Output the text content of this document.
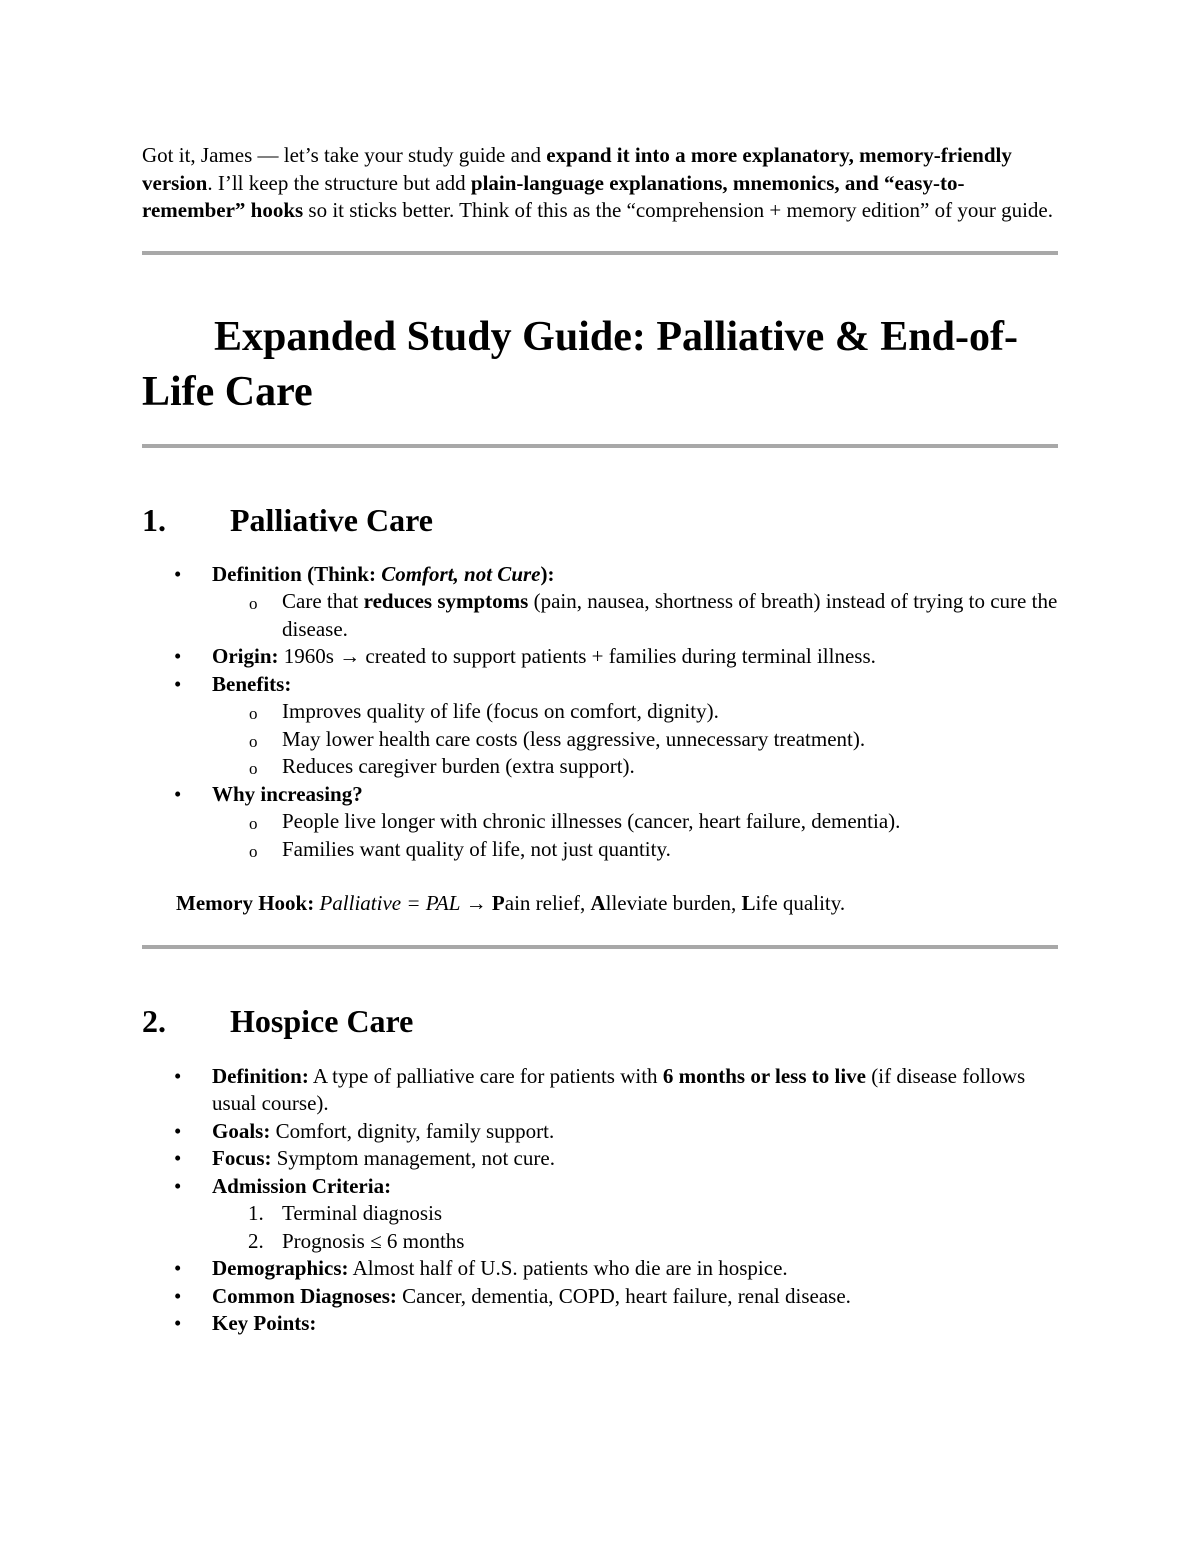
Got it, James — let’s take your study guide and expand it into a more explanatory, memory-friendly version. I’ll keep the structure but add plain-language explanations, mnemonics, and “easy-to-remember” hooks so it sticks better. Think of this as the “comprehension + memory edition” of your guide.

Expanded Study Guide: Palliative & End-of-Life Care

1.	Palliative Care
• Definition (Think: Comfort, not Cure):
o Care that reduces symptoms (pain, nausea, shortness of breath) instead of trying to cure the disease.
• Origin: 1960s → created to support patients + families during terminal illness.
• Benefits:
o Improves quality of life (focus on comfort, dignity).
o May lower health care costs (less aggressive, unnecessary treatment).
o Reduces caregiver burden (extra support).
• Why increasing?
o People live longer with chronic illnesses (cancer, heart failure, dementia).
o Families want quality of life, not just quantity.

Memory Hook: Palliative = PAL → Pain relief, Alleviate burden, Life quality.

2.	Hospice Care
• Definition: A type of palliative care for patients with 6 months or less to live (if disease follows usual course).
• Goals: Comfort, dignity, family support.
• Focus: Symptom management, not cure.
• Admission Criteria:
1. Terminal diagnosis
2. Prognosis ≤ 6 months
• Demographics: Almost half of U.S. patients who die are in hospice.
• Common Diagnoses: Cancer, dementia, COPD, heart failure, renal disease.
• Key Points:
